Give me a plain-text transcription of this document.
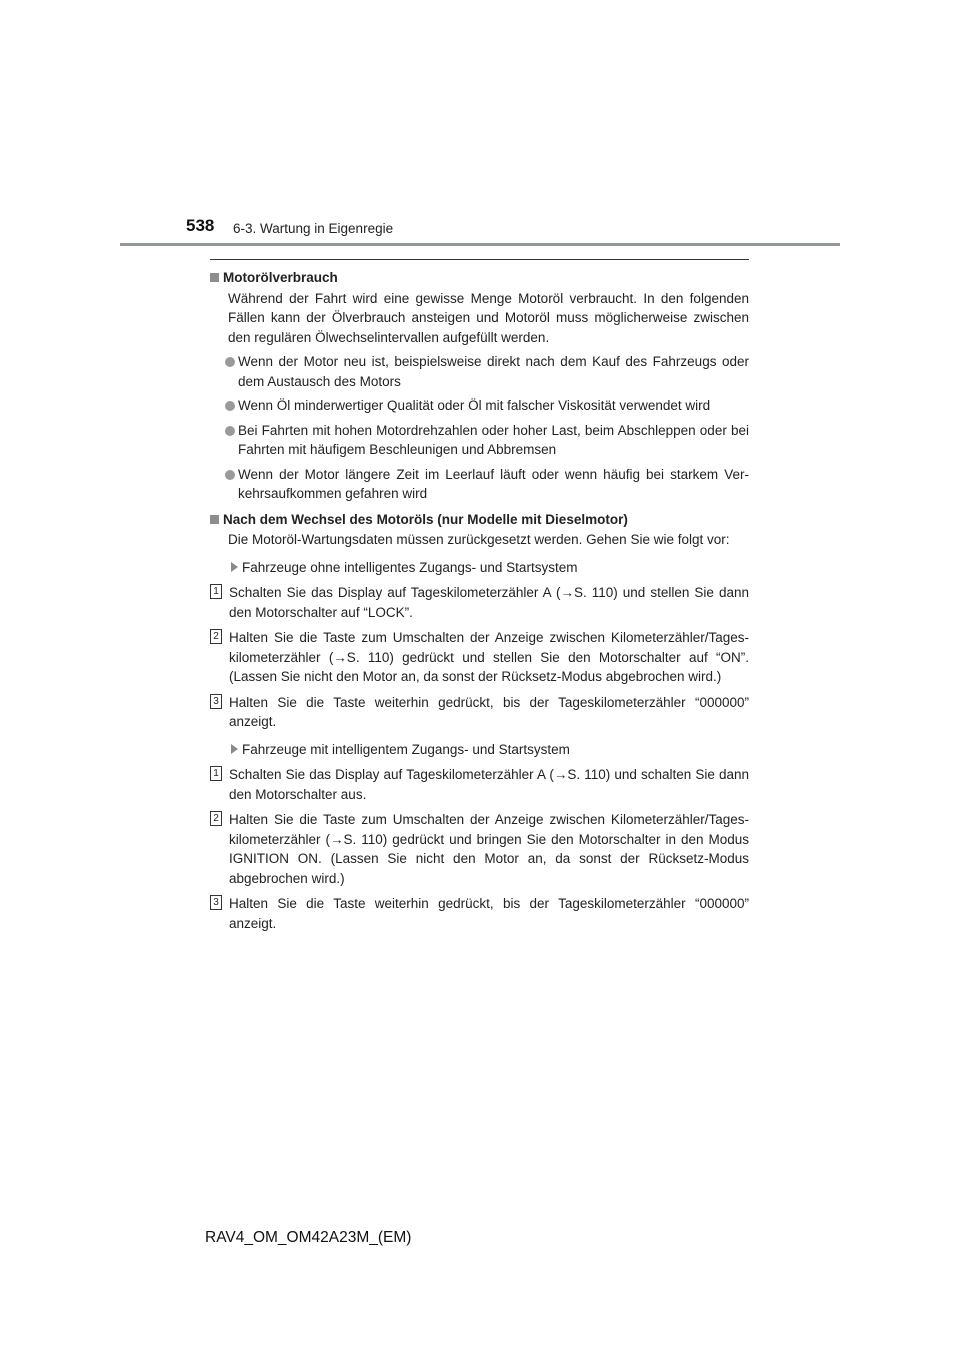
538 6-3. Wartung in Eigenregie
Motorölverbrauch
Während der Fahrt wird eine gewisse Menge Motoröl verbraucht. In den folgenden Fällen kann der Ölverbrauch ansteigen und Motoröl muss möglicherweise zwischen den regulären Ölwechselintervallen aufgefüllt werden.
Wenn der Motor neu ist, beispielsweise direkt nach dem Kauf des Fahrzeugs oder dem Austausch des Motors
Wenn Öl minderwertiger Qualität oder Öl mit falscher Viskosität verwendet wird
Bei Fahrten mit hohen Motordrehzahlen oder hoher Last, beim Abschleppen oder bei Fahrten mit häufigem Beschleunigen und Abbremsen
Wenn der Motor längere Zeit im Leerlauf läuft oder wenn häufig bei starkem Verkehrsaufkommen gefahren wird
Nach dem Wechsel des Motoröls (nur Modelle mit Dieselmotor)
Die Motoröl-Wartungsdaten müssen zurückgesetzt werden. Gehen Sie wie folgt vor:
Fahrzeuge ohne intelligentes Zugangs- und Startsystem
1 Schalten Sie das Display auf Tageskilometerzähler A (→S. 110) und stellen Sie dann den Motorschalter auf “LOCK”.
2 Halten Sie die Taste zum Umschalten der Anzeige zwischen Kilometerzähler/Tageskilometerzähler (→S. 110) gedrückt und stellen Sie den Motorschalter auf “ON”. (Lassen Sie nicht den Motor an, da sonst der Rücksetz-Modus abgebrochen wird.)
3 Halten Sie die Taste weiterhin gedrückt, bis der Tageskilometerzähler “000000” anzeigt.
Fahrzeuge mit intelligentem Zugangs- und Startsystem
1 Schalten Sie das Display auf Tageskilometerzähler A (→S. 110) und schalten Sie dann den Motorschalter aus.
2 Halten Sie die Taste zum Umschalten der Anzeige zwischen Kilometerzähler/Tageskilometerzähler (→S. 110) gedrückt und bringen Sie den Motorschalter in den Modus IGNITION ON. (Lassen Sie nicht den Motor an, da sonst der Rücksetz-Modus abgebrochen wird.)
3 Halten Sie die Taste weiterhin gedrückt, bis der Tageskilometerzähler “000000” anzeigt.
RAV4_OM_OM42A23M_(EM)
